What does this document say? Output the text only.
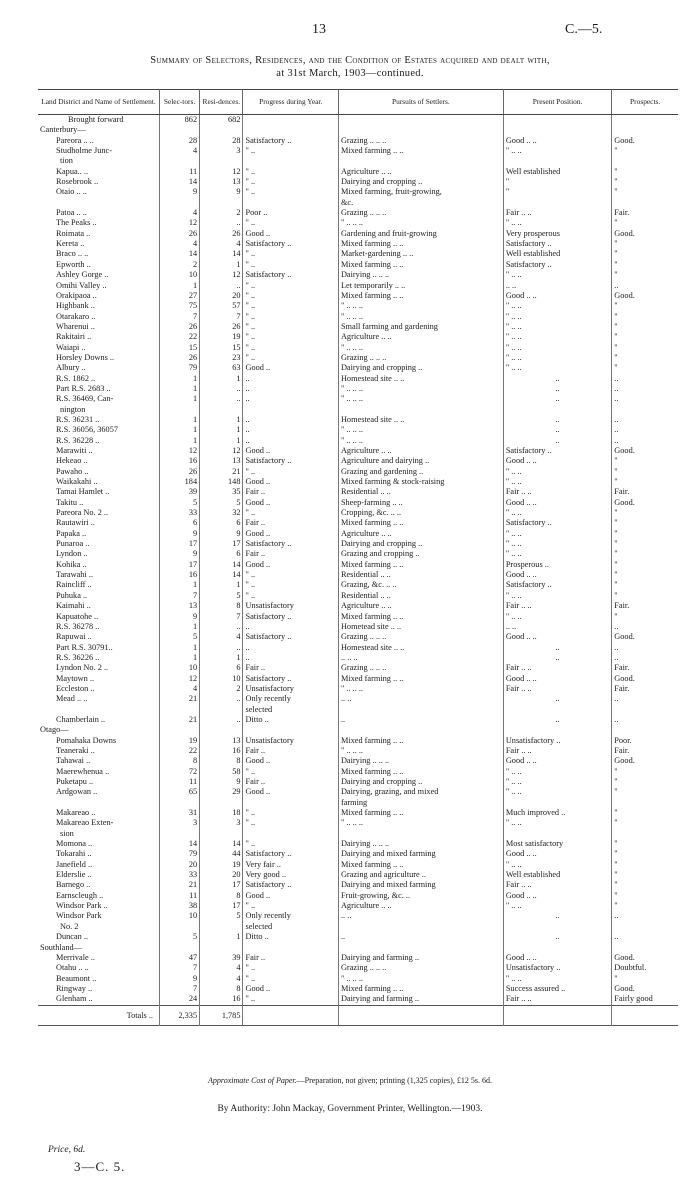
13	C.—5.
Summary of Selectors, Residences, and the Condition of Estates acquired and dealt with,
at 31st March, 1903—continued.
Land District and Name of Settlement.	Selec-tors.	Resi-dences.	Progress during Year.	Pursuits of Settlers.	Present Position.	Prospects.
Brought forward	862	682				
Canterbury—						
Pareora .. ..	28	28	Satisfactory ..	Grazing .. .. ..	Good .. ..	Good.
Studholme Junc-	4	3	" ..	Mixed farming .. ..	" .. ..	"
tion						
Kapua.. ..	11	12	" ..	Agriculture .. ..	Well established	"
Rosebrook ..	14	13	" ..	Dairying and cropping ..	"	"
Otaio .. ..	9	9	" ..	Mixed farming, fruit-growing,	"	"
				&c.		
Patoa .. ..	4	2	Poor ..	Grazing .. .. ..	Fair .. ..	Fair.
The Peaks ..	12	..	" ..	" .. .. ..	" .. ..	"
Roimata ..	26	26	Good ..	Gardening and fruit-growing	Very prosperous	Good.
Kereta ..	4	4	Satisfactory ..	Mixed farming .. ..	Satisfactory ..	"
Braco .. ..	14	14	" ..	Market-gardening .. ..	Well established	"
Epworth ..	2	1	" ..	Mixed farming .. ..	Satisfactory ..	"
Ashley Gorge ..	10	12	Satisfactory ..	Dairying .. .. ..	" .. ..	"
Omihi Valley ..	1	..	" ..	Let temporarily .. ..	.. ..	..
Orakipaoa ..	27	20	" ..	Mixed farming .. ..	Good .. ..	Good.
Highbank ..	75	57	" ..	" .. .. ..	" .. ..	"
Otarakaro ..	7	7	" ..	" .. .. ..	" .. ..	"
Wharenui ..	26	26	" ..	Small farming and gardening	" .. ..	"
Rakitairi ..	22	19	" ..	Agriculture .. ..	" .. ..	"
Waiapi ..	15	15	" ..	" .. .. ..	" .. ..	"
Horsley Downs ..	26	23	" ..	Grazing .. .. ..	" .. ..	"
Albury ..	79	63	Good ..	Dairying and cropping ..	" .. ..	"
R.S. 1862 ..	1	1	..	Homestead site .. ..	..	..
Part R.S. 2683 ..	1	..	..	" .. .. ..	..	..
R.S. 36469, Can-	1	..	..	" .. .. ..	..	..
nington						
R.S. 36231 ..	1	1	..	Homestead site .. ..	..	..
R.S. 36056, 36057	1	1	..	" .. .. ..	..	..
R.S. 36228 ..	1	1	..	" .. .. ..	..	..
Marawiti ..	12	12	Good ..	Agriculture .. ..	Satisfactory ..	Good.
Hekeao ..	16	13	Satisfactory ..	Agriculture and dairying ..	Good .. ..	"
Pawaho ..	26	21	" ..	Grazing and gardening ..	" .. ..	"
Waikakahi ..	184	148	Good ..	Mixed farming & stock-raising	" .. ..	"
Tamai Hamlet ..	39	35	Fair ..	Residential .. ..	Fair .. ..	Fair.
Takitu ..	5	5	Good ..	Sheep-farming .. ..	Good .. ..	Good.
Pareora No. 2 ..	33	32	" ..	Cropping, &c. .. ..	" .. ..	"
Rautawiri ..	6	6	Fair ..	Mixed farming .. ..	Satisfactory ..	"
Papaka ..	9	9	Good ..	Agriculture .. ..	" .. ..	"
Punaroa ..	17	17	Satisfactory ..	Dairying and cropping ..	" .. ..	"
Lyndon ..	9	6	Fair ..	Grazing and cropping ..	" .. ..	"
Kohika ..	17	14	Good ..	Mixed farming .. ..	Prosperous ..	"
Tarawahi ..	16	14	" ..	Residential .. ..	Good .. ..	"
Raincliff ..	1	1	" ..	Grazing, &c. .. ..	Satisfactory ..	"
Puhuka ..	7	5	" ..	Residential .. ..	" .. ..	"
Kaimahi ..	13	8	Unsatisfactory	Agriculture .. ..	Fair .. ..	Fair.
Kapuatohe ..	9	7	Satisfactory ..	Mixed farming .. ..	" .. ..	"
R.S. 36278 ..	1	..	..	Hometead site .. ..	.. ..	..
Rapuwai ..	5	4	Satisfactory ..	Grazing .. .. ..	Good .. ..	Good.
Part R.S. 30791..	1	..	..	Homestead site .. ..	..	..
R.S. 36226 ..	1	1	..	.. .. ..	..	..
Lyndon No. 2 ..	10	6	Fair ..	Grazing .. .. ..	Fair .. ..	Fair.
Maytown ..	12	10	Satisfactory ..	Mixed farming .. ..	Good .. ..	Good.
Eccleston ..	4	2	Unsatisfactory	" .. .. ..	Fair .. ..	Fair.
Mead .. ..	21	..	Only recently	.. ..	..	..
			selected			
Chamberlain ..	21	..	Ditto ..	..	..	..
Otago—						
Pomahaka Downs	19	13	Unsatisfactory	Mixed farming .. ..	Unsatisfactory ..	Poor.
Teaneraki ..	22	16	Fair ..	" .. .. ..	Fair .. ..	Fair.
Tahawai ..	8	8	Good ..	Dairying .. .. ..	Good .. ..	Good.
Maerewhenua ..	72	58	" ..	Mixed farming .. ..	" .. ..	"
Puketapu ..	11	9	Fair ..	Dairying and cropping ..	" .. ..	"
Ardgowan ..	65	29	Good ..	Dairying, grazing, and mixed	" .. ..	"
				farming		
Makareao ..	31	18	" ..	Mixed farming .. ..	Much improved ..	"
Makareao Exten-	3	3	" ..	" .. .. ..	" .. ..	"
sion						
Momona ..	14	14	" ..	Dairying .. .. ..	Most satisfactory	"
Tokarahi ..	79	44	Satisfactory ..	Dairying and mixed farming	Good .. ..	"
Janefield ..	20	19	Very fair ..	Mixed farming .. ..	" .. ..	"
Elderslie ..	33	20	Very good ..	Grazing and agriculture ..	Well established	"
Barnego ..	21	17	Satisfactory ..	Dairying and mixed farming	Fair .. ..	"
Earnscleugh ..	11	8	Good ..	Fruit-growing, &c. ..	Good .. ..	"
Windsor Park ..	38	17	" ..	Agriculture .. ..	" .. ..	"
Windsor Park	10	5	Only recently	.. ..	..	..
No. 2			selected			
Duncan ..	5	1	Ditto ..	..	..	..
Southland—						
Merrivale ..	47	39	Fair ..	Dairying and farming ..	Good .. ..	Good.
Otahu .. ..	7	4	" ..	Grazing .. .. ..	Unsatisfactory ..	Doubtful.
Beaumont ..	9	4	" ..	" .. .. ..	" .. ..	"
Ringway ..	7	8	Good ..	Mixed farming .. ..	Success assured ..	Good.
Glenham ..	24	16	" ..	Dairying and farming ..	Fair .. ..	Fairly good
Totals ..	2,335	1,785				

Approximate Cost of Paper.—Preparation, not given; printing (1,325 copies), £12 5s. 6d.
By Authority: John Mackay, Government Printer, Wellington.—1903.
Price, 6d.
3—C. 5.
